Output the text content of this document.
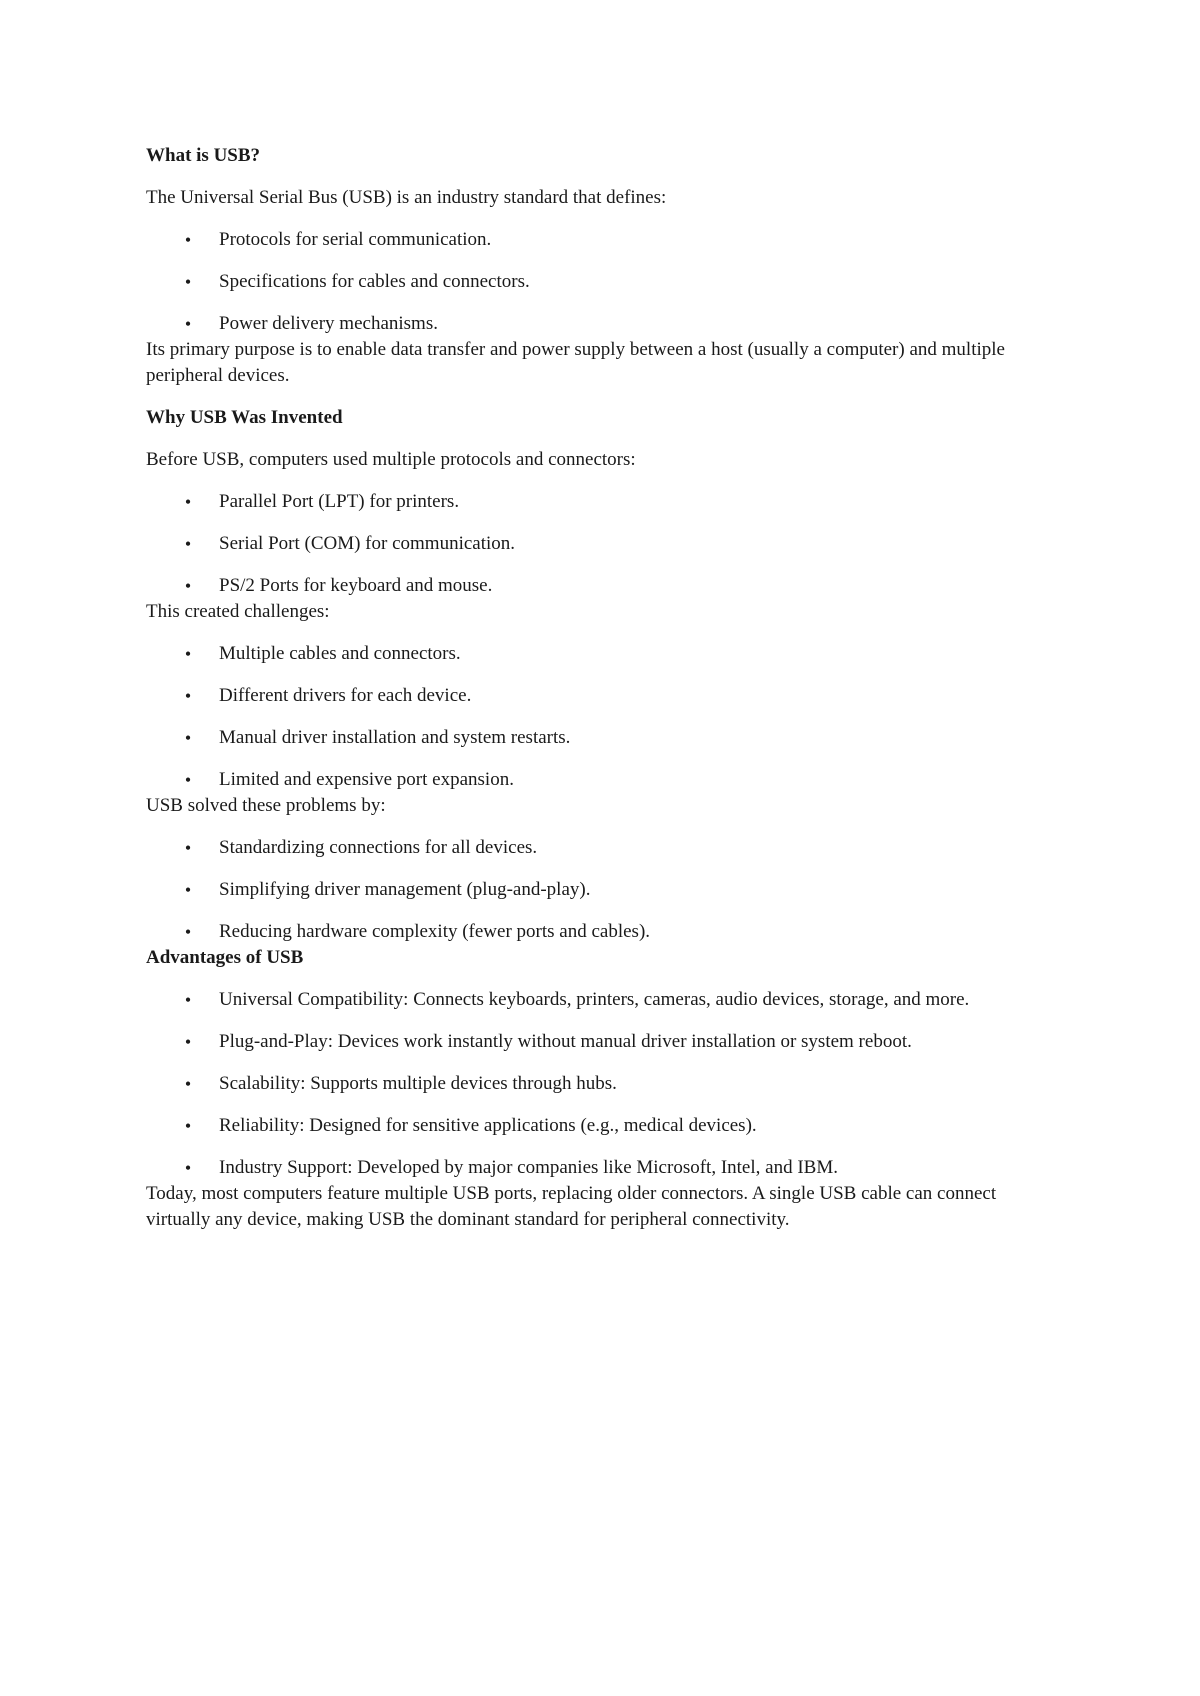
What is USB?
The Universal Serial Bus (USB) is an industry standard that defines:
• Protocols for serial communication.
• Specifications for cables and connectors.
• Power delivery mechanisms.
Its primary purpose is to enable data transfer and power supply between a host (usually a computer) and multiple peripheral devices.
Why USB Was Invented
Before USB, computers used multiple protocols and connectors:
• Parallel Port (LPT) for printers.
• Serial Port (COM) for communication.
• PS/2 Ports for keyboard and mouse.
This created challenges:
• Multiple cables and connectors.
• Different drivers for each device.
• Manual driver installation and system restarts.
• Limited and expensive port expansion.
USB solved these problems by:
• Standardizing connections for all devices.
• Simplifying driver management (plug-and-play).
• Reducing hardware complexity (fewer ports and cables).
Advantages of USB
• Universal Compatibility: Connects keyboards, printers, cameras, audio devices, storage, and more.
• Plug-and-Play: Devices work instantly without manual driver installation or system reboot.
• Scalability: Supports multiple devices through hubs.
• Reliability: Designed for sensitive applications (e.g., medical devices).
• Industry Support: Developed by major companies like Microsoft, Intel, and IBM.
Today, most computers feature multiple USB ports, replacing older connectors. A single USB cable can connect virtually any device, making USB the dominant standard for peripheral connectivity.
